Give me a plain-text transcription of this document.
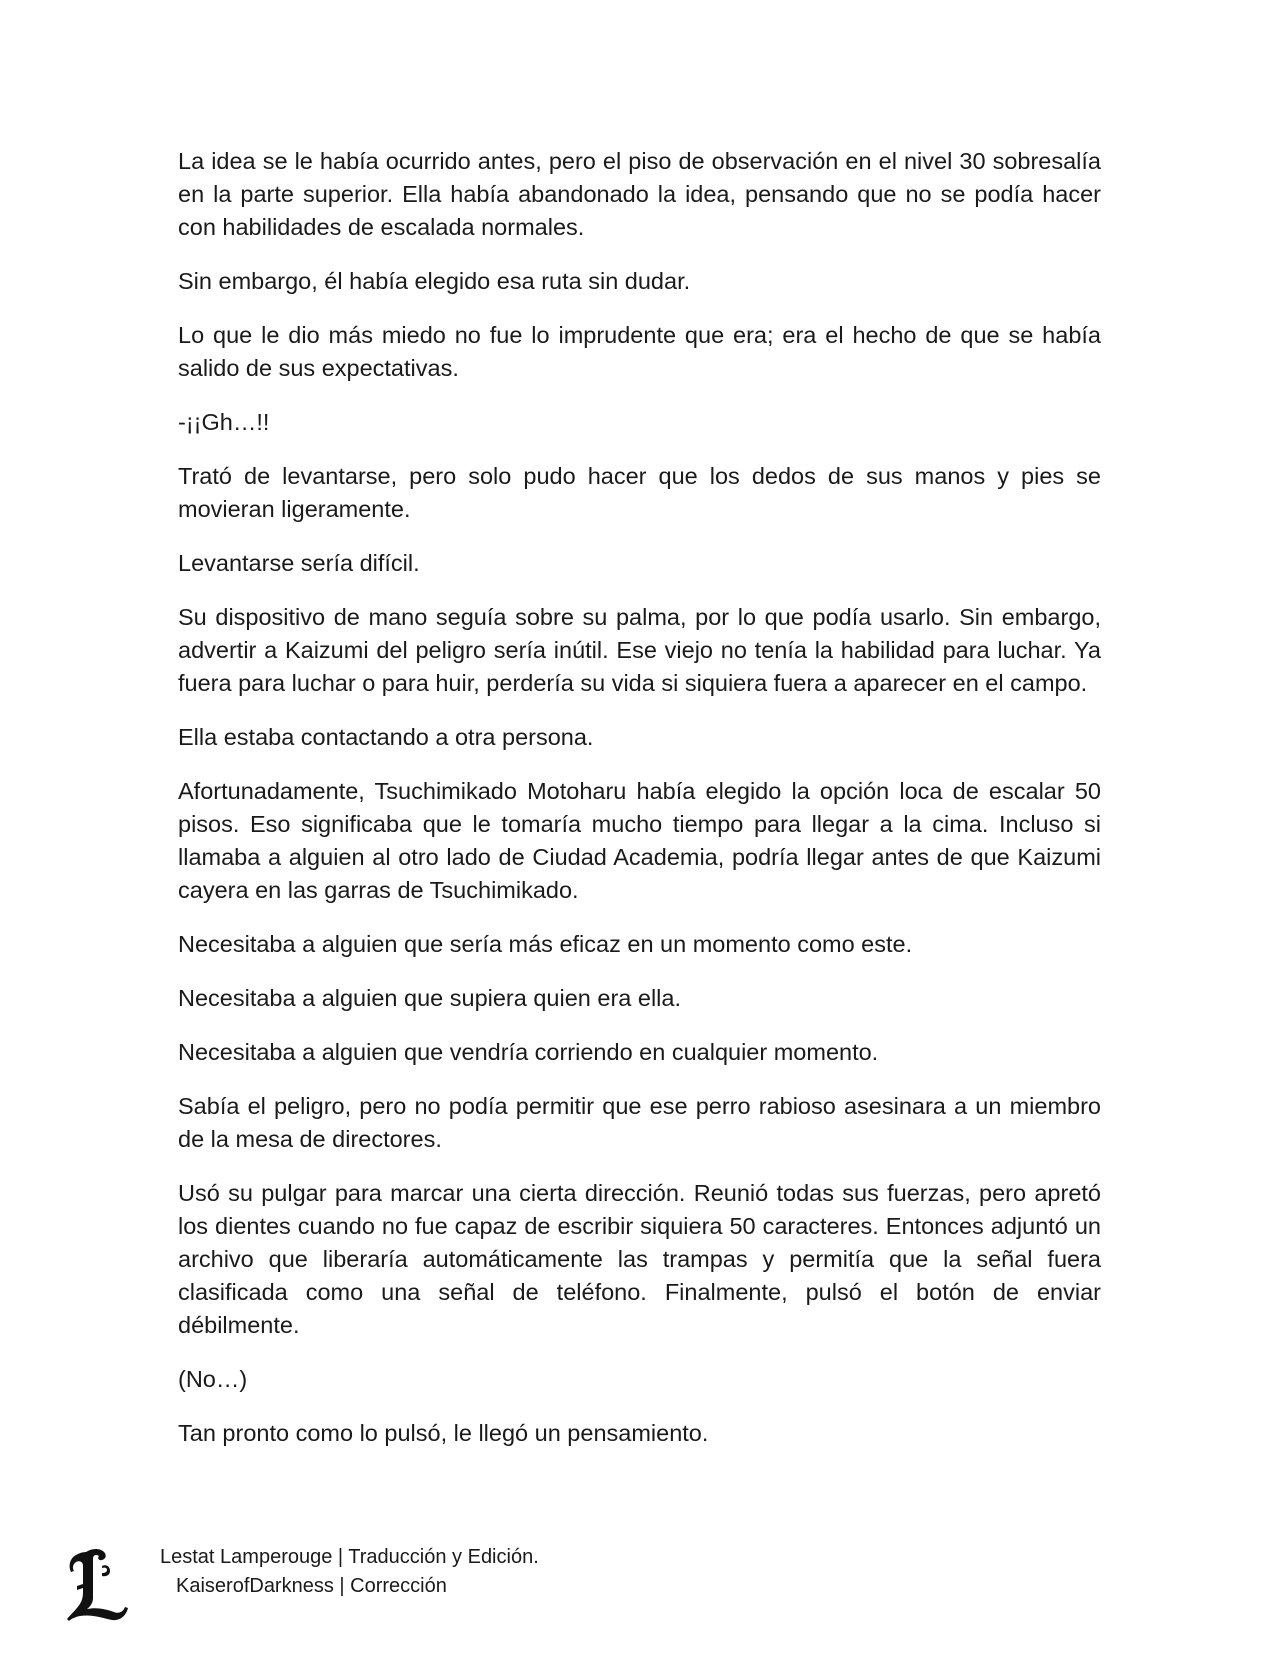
La idea se le había ocurrido antes, pero el piso de observación en el nivel 30 sobresalía en la parte superior. Ella había abandonado la idea, pensando que no se podía hacer con habilidades de escalada normales.

Sin embargo, él había elegido esa ruta sin dudar.

Lo que le dio más miedo no fue lo imprudente que era; era el hecho de que se había salido de sus expectativas.

-¡¡Gh…!!

Trató de levantarse, pero solo pudo hacer que los dedos de sus manos y pies se movieran ligeramente.

Levantarse sería difícil.

Su dispositivo de mano seguía sobre su palma, por lo que podía usarlo. Sin embargo, advertir a Kaizumi del peligro sería inútil. Ese viejo no tenía la habilidad para luchar. Ya fuera para luchar o para huir, perdería su vida si siquiera fuera a aparecer en el campo.

Ella estaba contactando a otra persona.

Afortunadamente, Tsuchimikado Motoharu había elegido la opción loca de escalar 50 pisos. Eso significaba que le tomaría mucho tiempo para llegar a la cima. Incluso si llamaba a alguien al otro lado de Ciudad Academia, podría llegar antes de que Kaizumi cayera en las garras de Tsuchimikado.

Necesitaba a alguien que sería más eficaz en un momento como este.

Necesitaba a alguien que supiera quien era ella.

Necesitaba a alguien que vendría corriendo en cualquier momento.

Sabía el peligro, pero no podía permitir que ese perro rabioso asesinara a un miembro de la mesa de directores.

Usó su pulgar para marcar una cierta dirección. Reunió todas sus fuerzas, pero apretó los dientes cuando no fue capaz de escribir siquiera 50 caracteres. Entonces adjuntó un archivo que liberaría automáticamente las trampas y permitía que la señal fuera clasificada como una señal de teléfono. Finalmente, pulsó el botón de enviar débilmente.

(No…)

Tan pronto como lo pulsó, le llegó un pensamiento.

Lestat Lamperouge | Traducción y Edición.
KaiserofDarkness | Corrección
